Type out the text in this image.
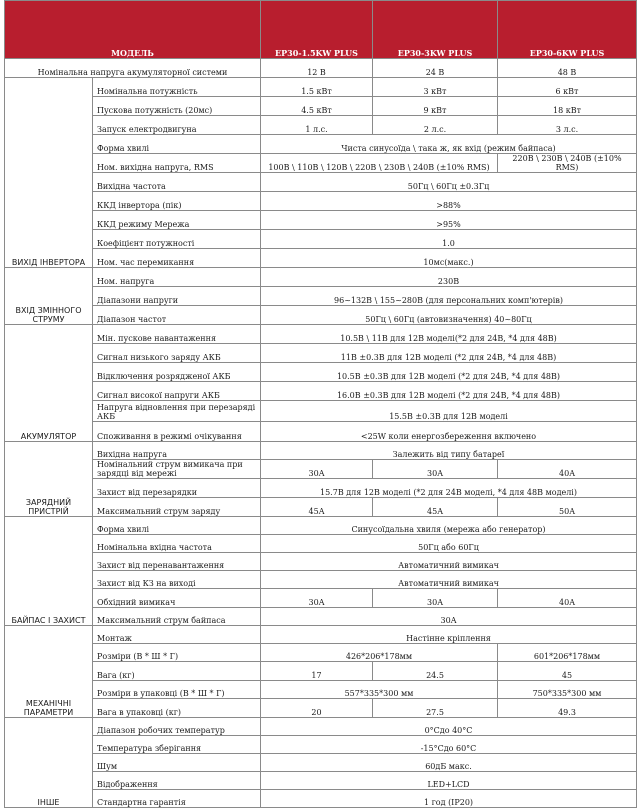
МОДЕЛЬ		EP30-1.5KW PLUS	EP30-3KW PLUS	EP30-6KW PLUS
Номінальна напруга акумуляторної системи		12 В	24 В	48 В
ВИХІД ІНВЕРТОРА	Номінальна потужність	1.5 кВт	3 кВт	6 кВт
	Пускова потужність (20мс)	4.5 кВт	9 кВт	18 кВт
	Запуск електродвигуна	1 л.с.	2 л.с.	3 л.с.
	Форма хвилі	Чиста синусоїда \ така ж, як вхід (режим байпаса)		
	Ном. вихідна напруга, RMS	100В \ 110В \ 120В \ 220В \ 230В \ 240В (±10% RMS)		220В \ 230В \ 240В (±10% RMS)
	Вихідна частота	50Гц \ 60Гц ±0.3Гц		
	ККД інвертора (пік)	>88%		
	ККД режиму Мережа	>95%		
	Коефіцієнт потужності	1.0		
	Ном. час перемикання	10мс(макс.)		
ВХІД ЗМІННОГО СТРУМУ	Ном. напруга	230В		
	Діапазони напруги	96~132В \ 155~280В (для персональних комп'ютерів)		
	Діапазон частот	50Гц \ 60Гц (автовизначення) 40~80Гц		
АКУМУЛЯТОР	Мін. пускове навантаження	10.5В \ 11В для 12В моделі(*2 для 24В, *4 для 48В)		
	Сигнал низького заряду АКБ	11В ±0.3В для 12В моделі (*2 для 24В, *4 для 48В)		
	Відключення розрядженої АКБ	10.5В ±0.3В для 12В моделі (*2 для 24В, *4 для 48В)		
	Сигнал високої напруги АКБ	16.0В ±0.3В для 12В моделі (*2 для 24В, *4 для 48В)		
	Напруга відновлення при перезаряді АКБ	15.5В ±0.3В для 12В моделі		
	Споживання в режимі очікування	<25W коли енергозбереження включено		
ЗАРЯДНИЙ ПРИСТРІЙ	Вихідна напруга	Залежить від типу батареї		
	Номінальний струм вимикача при зарядці від мережі	30A	30A	40A
	Захист від перезарядки	15.7В для 12В моделі (*2 для 24В моделі, *4 для 48В моделі)		
	Максимальний струм заряду	45A	45A	50A
БАЙПАС І ЗАХИСТ	Форма хвилі	Синусоїдальна хвиля (мережа або генератор)		
	Номінальна вхідна частота	50Гц або 60Гц		
	Захист від перенавантаження	Автоматичний вимикач		
	Захист від КЗ на виході	Автоматичний вимикач		
	Обхідний вимикач	30A	30A	40A
	Максимальний струм байпаса	30A		
МЕХАНІЧНІ ПАРАМЕТРИ	Монтаж	Настінне кріплення		
	Розміри (В * Ш * Г)	426*206*178мм		601*206*178мм
	Вага (кг)	17	24.5	45
	Розміри в упаковці (В * Ш * Г)	557*335*300 мм		750*335*300 мм
	Вага в упаковці (кг)	20	27.5	49.3
ІНШЕ	Діапазон робочих температур	0°Сдо 40°С		
	Температура зберігання	-15°Сдо 60°С		
	Шум	60дБ макс.		
	Відображення	LED+LCD		
	Стандартна гарантія	1 год (IP20)		
